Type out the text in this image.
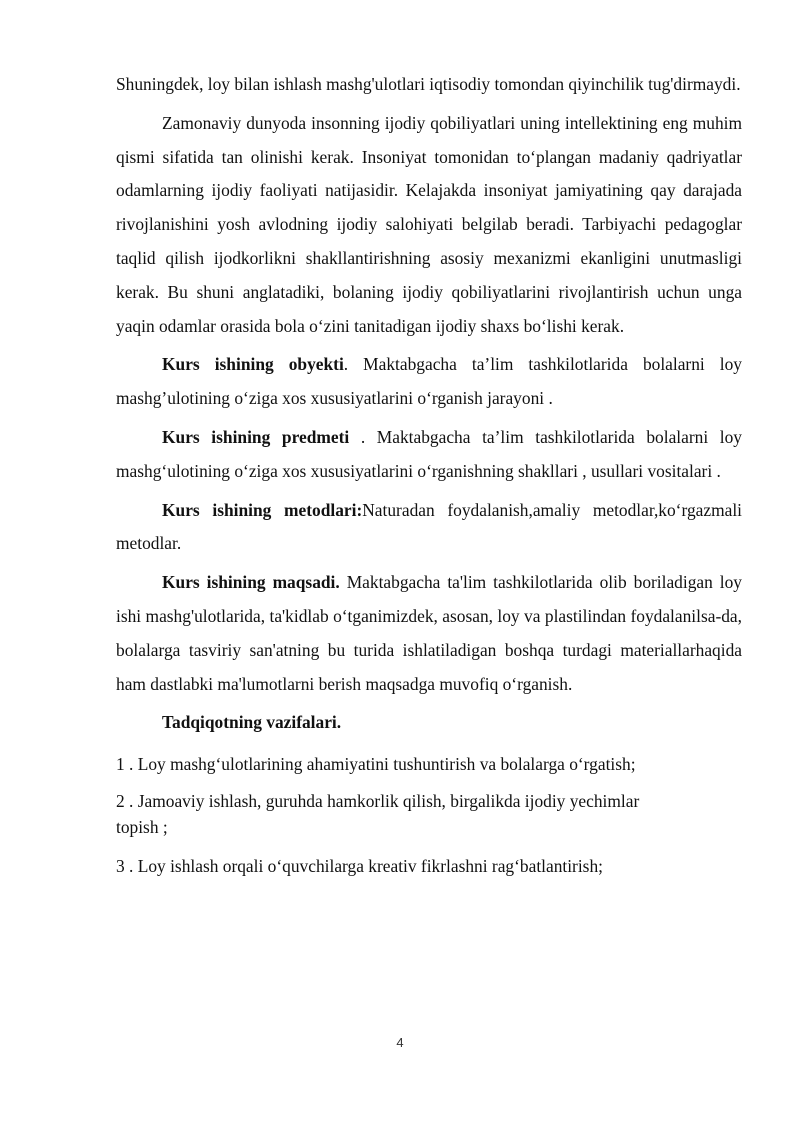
Shuningdek, loy bilan ishlash mashg'ulotlari iqtisodiy tomondan qiyinchilik tug'dirmaydi.

Zamonaviy dunyoda insonning ijodiy qobiliyatlari uning intellektining eng muhim qismi sifatida tan olinishi kerak. Insoniyat tomonidan to‘plangan madaniy qadriyatlar odamlarning ijodiy faoliyati natijasidir. Kelajakda insoniyat jamiyatining qay darajada rivojlanishini yosh avlodning ijodiy salohiyati belgilab beradi. Tarbiyachi pedagoglar taqlid qilish ijodkorlikni shakllantirishning asosiy mexanizmi ekanligini unutmasligi kerak. Bu shuni anglatadiki, bolaning ijodiy qobiliyatlarini rivojlantirish uchun unga yaqin odamlar orasida bola o‘zini tanitadigan ijodiy shaxs bo‘lishi kerak.

Kurs ishining obyekti. Maktabgacha ta’lim tashkilotlarida bolalarni loy mashg’ulotining o‘ziga xos xususiyatlarini o‘rganish jarayoni .

Kurs ishining predmeti . Maktabgacha ta’lim tashkilotlarida bolalarni loy mashg‘ulotining o‘ziga xos xususiyatlarini o‘rganishning shakllari , usullari vositalari .

Kurs ishining metodlari:Naturadan foydalanish,amaliy metodlar,ko‘rgazmali metodlar.

Kurs ishining maqsadi. Maktabgacha ta'lim tashkilotlarida olib boriladigan loy ishi mashg'ulotlarida, ta'kidlab o‘tganimizdek, asosan, loy va plastilindan foydalanilsa-da, bolalarga tasviriy san'atning bu turida ishlatiladigan boshqa turdagi materiallarhaqida ham dastlabki ma'lumotlarni berish maqsadga muvofiq o‘rganish.

Tadqiqotning vazifalari.

1 . Loy mashg‘ulotlarining ahamiyatini tushuntirish va bolalarga o‘rgatish;

2 . Jamoaviy ishlash, guruhda hamkorlik qilish, birgalikda ijodiy yechimlar

topish ;

3 . Loy ishlash orqali o‘quvchilarga kreativ fikrlashni rag‘batlantirish;

4
